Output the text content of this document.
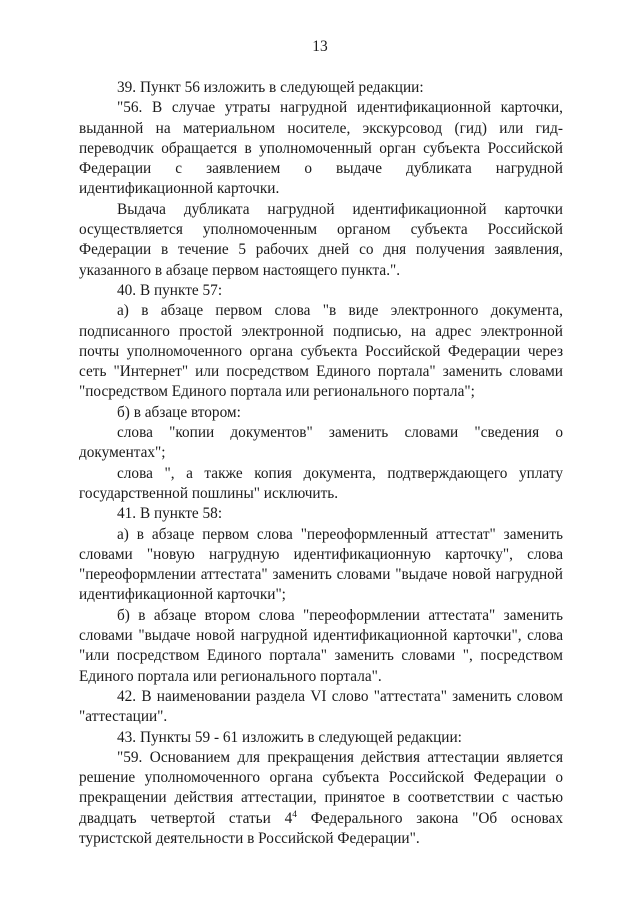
13

39. Пункт 56 изложить в следующей редакции:

"56. В случае утраты нагрудной идентификационной карточки, выданной на материальном носителе, экскурсовод (гид) или гид-переводчик обращается в уполномоченный орган субъекта Российской Федерации с заявлением о выдаче дубликата нагрудной идентификационной карточки.

Выдача дубликата нагрудной идентификационной карточки осуществляется уполномоченным органом субъекта Российской Федерации в течение 5 рабочих дней со дня получения заявления, указанного в абзаце первом настоящего пункта.".

40. В пункте 57:

а) в абзаце первом слова "в виде электронного документа, подписанного простой электронной подписью, на адрес электронной почты уполномоченного органа субъекта Российской Федерации через сеть "Интернет" или посредством Единого портала" заменить словами "посредством Единого портала или регионального портала";

б) в абзаце втором:

слова "копии документов" заменить словами "сведения о документах";

слова ", а также копия документа, подтверждающего уплату государственной пошлины" исключить.

41. В пункте 58:

а) в абзаце первом слова "переоформленный аттестат" заменить словами "новую нагрудную идентификационную карточку", слова "переоформлении аттестата" заменить словами "выдаче новой нагрудной идентификационной карточки";

б) в абзаце втором слова "переоформлении аттестата" заменить словами "выдаче новой нагрудной идентификационной карточки", слова "или посредством Единого портала" заменить словами ", посредством Единого портала или регионального портала".

42. В наименовании раздела VI слово "аттестата" заменить словом "аттестации".

43. Пункты 59 - 61 изложить в следующей редакции:

"59. Основанием для прекращения действия аттестации является решение уполномоченного органа субъекта Российской Федерации о прекращении действия аттестации, принятое в соответствии с частью двадцать четвертой статьи $4^4$ Федерального закона "Об основах туристской деятельности в Российской Федерации".
